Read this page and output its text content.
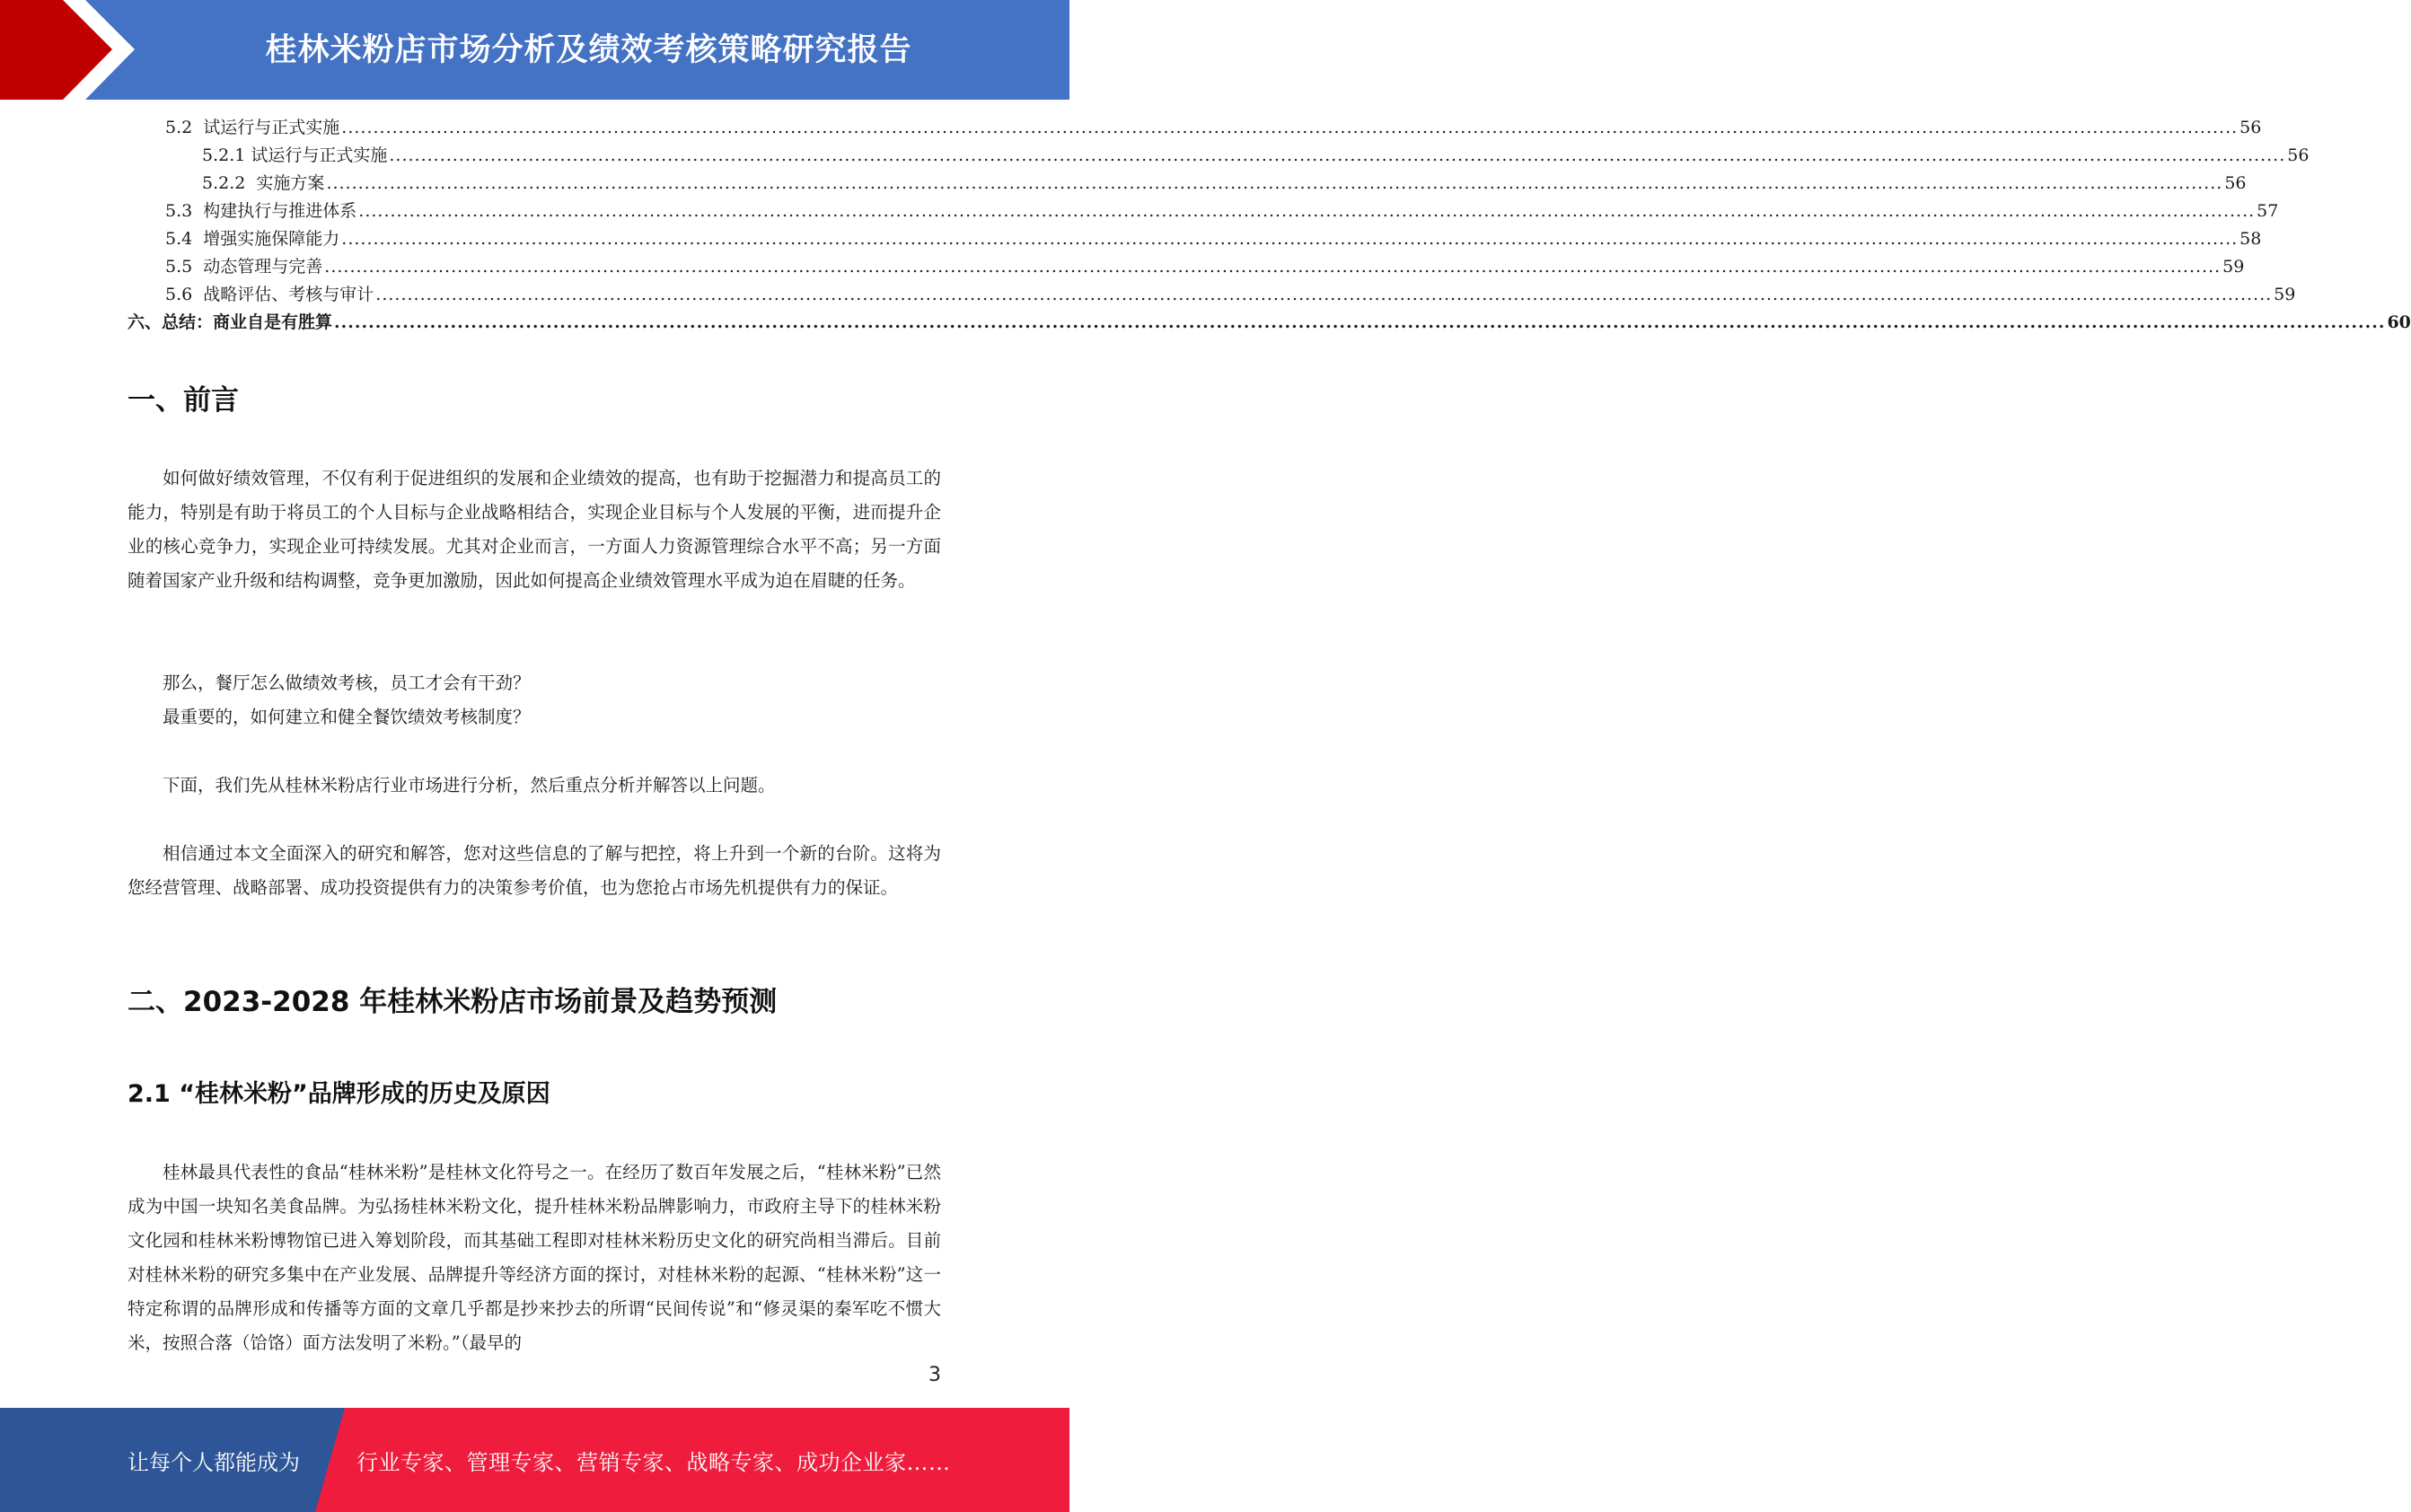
桂林米粉店市场分析及绩效考核策略研究报告
5.2  试运行与正式实施 ............................................................................................................................................................................................................................................................................................................ 56
5.2.1 试运行与正式实施 ............................................................................................................................................................................................................................................................................................................ 56
5.2.2  实施方案 ............................................................................................................................................................................................................................................................................................................ 56
5.3  构建执行与推进体系 ............................................................................................................................................................................................................................................................................................................ 57
5.4  增强实施保障能力 ............................................................................................................................................................................................................................................................................................................ 58
5.5  动态管理与完善 ............................................................................................................................................................................................................................................................................................................ 59
5.6  战略评估、考核与审计 ............................................................................................................................................................................................................................................................................................................ 59
六、总结：商业自是有胜算 ............................................................................................................................................................................................................................................................................................................ 60
一、前言

如何做好绩效管理，不仅有利于促进组织的发展和企业绩效的提高，也有助于挖掘潜力和提高员工的能力，特别是有助于将员工的个人目标与企业战略相结合，实现企业目标与个人发展的平衡，进而提升企业的核心竞争力，实现企业可持续发展。尤其对企业而言，一方面人力资源管理综合水平不高；另一方面随着国家产业升级和结构调整，竞争更加激励，因此如何提高企业绩效管理水平成为迫在眉睫的任务。

那么，餐厅怎么做绩效考核，员工才会有干劲？

最重要的，如何建立和健全餐饮绩效考核制度？

下面，我们先从桂林米粉店行业市场进行分析，然后重点分析并解答以上问题。

相信通过本文全面深入的研究和解答，您对这些信息的了解与把控，将上升到一个新的台阶。这将为您经营管理、战略部署、成功投资提供有力的决策参考价值，也为您抢占市场先机提供有力的保证。

二、2023-2028 年桂林米粉店市场前景及趋势预测
2.1 “桂林米粉”品牌形成的历史及原因

桂林最具代表性的食品“桂林米粉”是桂林文化符号之一。在经历了数百年发展之后，“桂林米粉”已然成为中国一块知名美食品牌。为弘扬桂林米粉文化，提升桂林米粉品牌影响力，市政府主导下的桂林米粉文化园和桂林米粉博物馆已进入筹划阶段，而其基础工程即对桂林米粉历史文化的研究尚相当滞后。目前对桂林米粉的研究多集中在产业发展、品牌提升等经济方面的探讨，对桂林米粉的起源、“桂林米粉”这一特定称谓的品牌形成和传播等方面的文章几乎都是抄来抄去的所谓“民间传说”和“修灵渠的秦军吃不惯大米，按照合落（饸饹）面方法发明了米粉。”（最早的

3
让每个人都能成为	行业专家、管理专家、营销专家、战略专家、成功企业家……
